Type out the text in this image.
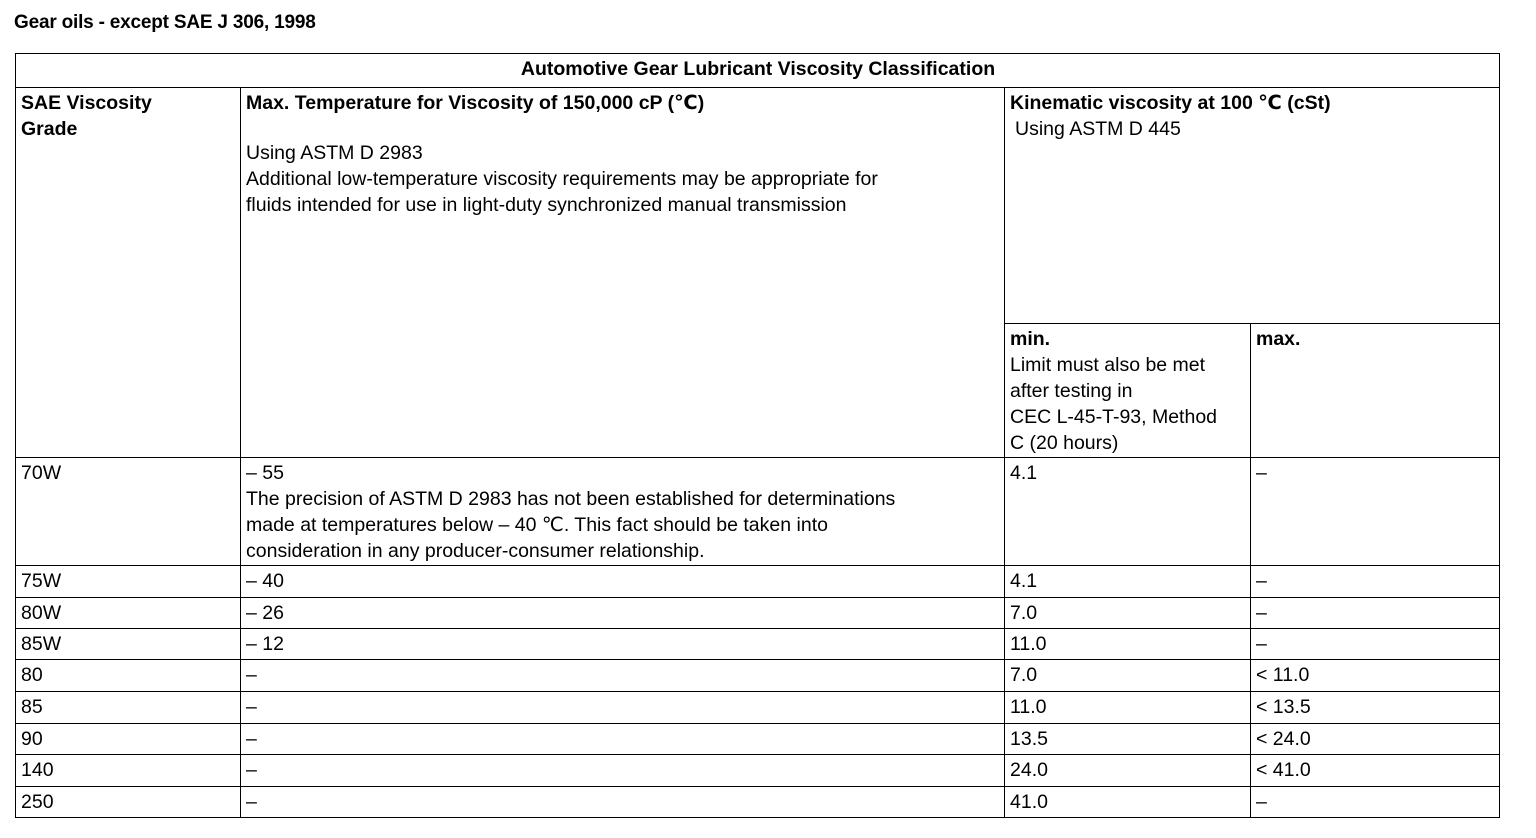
Gear oils - except SAE J 306, 1998
Automotive Gear Lubricant Viscosity Classification			

SAE Viscosity
Grade	Max. Temperature for Viscosity of 150,000 cP (℃)
Using ASTM D 2983
Additional low-temperature viscosity requirements may be appropriate for
fluids intended for use in light-duty synchronized manual transmission	Kinematic viscosity at 100 ℃ (cSt)
Using ASTM D 445	

		min.
Limit must also be met
after testing in
CEC L-45-T-93, Method
C (20 hours)	max.

70W	– 55
The precision of ASTM D 2983 has not been established for determinations
made at temperatures below – 40 ℃. This fact should be taken into
consideration in any producer-consumer relationship.	4.1	–
75W	– 40	4.1	–
80W	– 26	7.0	–
85W	– 12	11.0	–
80	–	7.0	< 11.0
85	–	11.0	< 13.5
90	–	13.5	< 24.0
140	–	24.0	< 41.0
250	–	41.0	–
